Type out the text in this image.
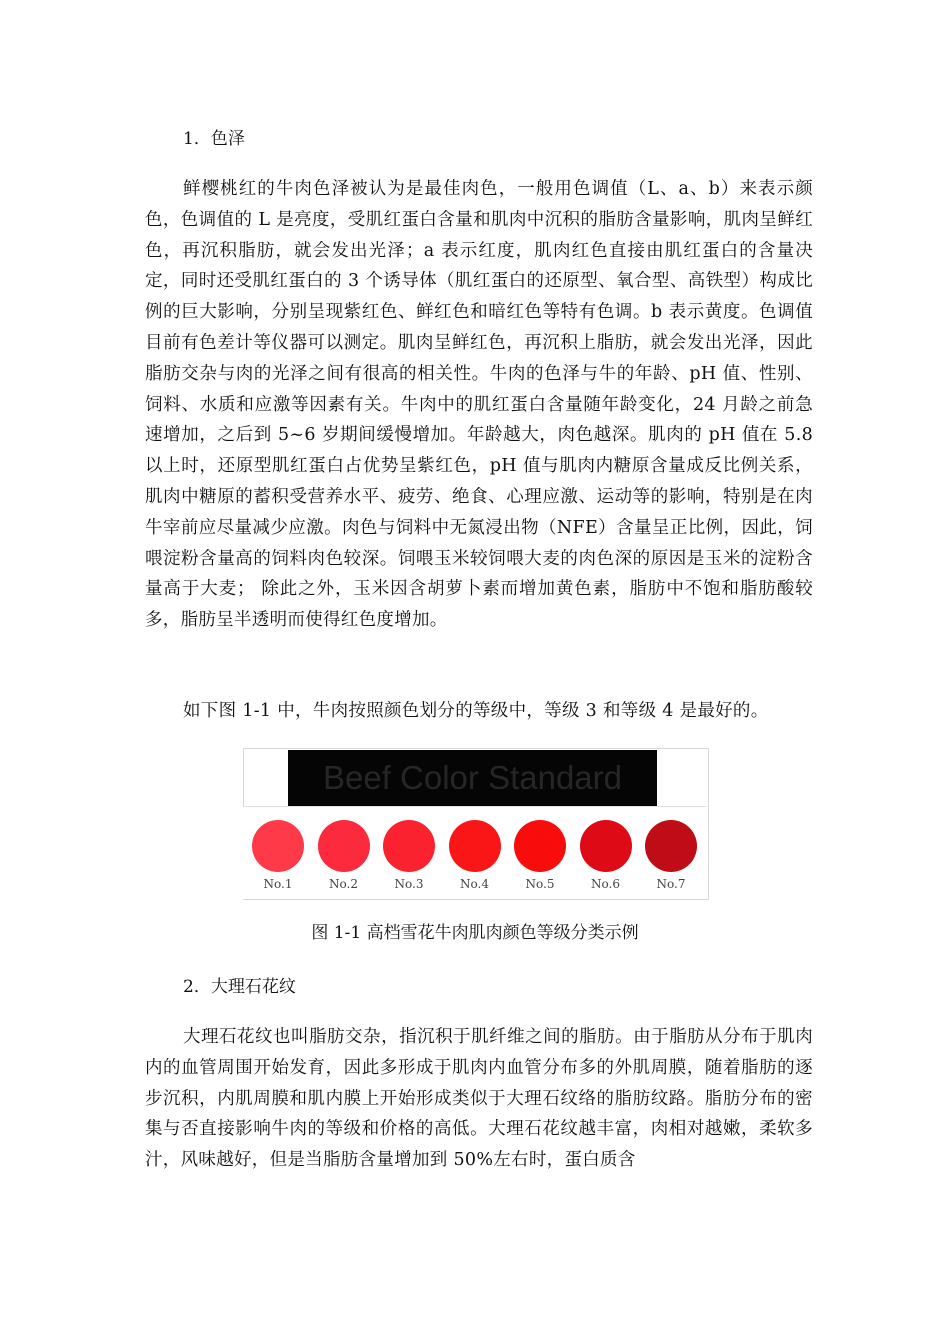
1．色泽

鲜樱桃红的牛肉色泽被认为是最佳肉色，一般用色调值（L、a、b）来表示颜色，色调值的 L 是亮度，受肌红蛋白含量和肌肉中沉积的脂肪含量影响，肌肉呈鲜红色，再沉积脂肪，就会发出光泽；a 表示红度，肌肉红色直接由肌红蛋白的含量决定，同时还受肌红蛋白的 3 个诱导体（肌红蛋白的还原型、氧合型、高铁型）构成比例的巨大影响，分别呈现紫红色、鲜红色和暗红色等特有色调。b 表示黄度。色调值目前有色差计等仪器可以测定。肌肉呈鲜红色，再沉积上脂肪，就会发出光泽，因此脂肪交杂与肉的光泽之间有很高的相关性。牛肉的色泽与牛的年龄、pH 值、性别、饲料、水质和应激等因素有关。牛肉中的肌红蛋白含量随年龄变化，24 月龄之前急速增加，之后到 5~6 岁期间缓慢增加。年龄越大，肉色越深。肌肉的 pH 值在 5.8 以上时，还原型肌红蛋白占优势呈紫红色，pH 值与肌肉内糖原含量成反比例关系，肌肉中糖原的蓄积受营养水平、疲劳、绝食、心理应激、运动等的影响，特别是在肉牛宰前应尽量减少应激。肉色与饲料中无氮浸出物（NFE）含量呈正比例，因此，饲喂淀粉含量高的饲料肉色较深。饲喂玉米较饲喂大麦的肉色深的原因是玉米的淀粉含量高于大麦； 除此之外，玉米因含胡萝卜素而增加黄色素，脂肪中不饱和脂肪酸较多，脂肪呈半透明而使得红色度增加。

如下图 1-1 中，牛肉按照颜色划分的等级中，等级 3 和等级 4 是最好的。

Beef Color Standard
No.1	No.2	No.3	No.4	No.5	No.6	No.7

图 1-1 高档雪花牛肉肌肉颜色等级分类示例

2．大理石花纹

大理石花纹也叫脂肪交杂，指沉积于肌纤维之间的脂肪。由于脂肪从分布于肌肉内的血管周围开始发育，因此多形成于肌肉内血管分布多的外肌周膜，随着脂肪的逐步沉积，内肌周膜和肌内膜上开始形成类似于大理石纹络的脂肪纹路。脂肪分布的密集与否直接影响牛肉的等级和价格的高低。大理石花纹越丰富，肉相对越嫩，柔软多汁，风味越好，但是当脂肪含量增加到 50%左右时，蛋白质含
